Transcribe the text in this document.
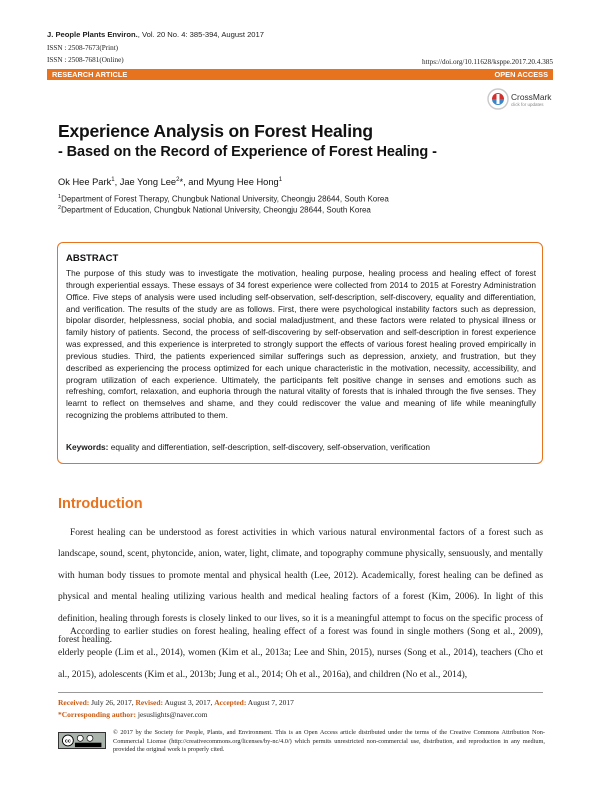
J. People Plants Environ., Vol. 20 No. 4: 385-394, August 2017
ISSN : 2508-7673(Print)
ISSN : 2508-7681(Online)	https://doi.org/10.11628/ksppe.2017.20.4.385
RESEARCH ARTICLE	OPEN ACCESS
CrossMark
click for updates
Experience Analysis on Forest Healing
- Based on the Record of Experience of Forest Healing -
Ok Hee Park$^1$, Jae Yong Lee$^2$*, and Myung Hee Hong$^1$
$^1$Department of Forest Therapy, Chungbuk National University, Cheongju 28644, South Korea
$^2$Department of Education, Chungbuk National University, Cheongju 28644, South Korea
ABSTRACT
The purpose of this study was to investigate the motivation, healing purpose, healing process and healing effect of forest through experiential essays. These essays of 34 forest experience were collected from 2014 to 2015 at Forestry Administration Office. Five steps of analysis were used including self-observation, self-description, self-discovery, equality and differentiation, and verification. The results of the study are as follows. First, there were psychological instability factors such as depression, bipolar disorder, helplessness, social phobia, and social maladjustment, and these factors were related to physical illness or family history of patients. Second, the process of self-discovering by self-observation and self-description in forest experience was expressed, and this experience is interpreted to strongly support the effects of various forest healing proved empirically in previous studies. Third, the patients experienced similar sufferings such as depression, anxiety, and frustration, but they described as experiencing the process optimized for each unique characteristic in the motivation, necessity, accessibility, and program utilization of each experience. Ultimately, the participants felt positive change in senses and emotions such as refreshing, comfort, relaxation, and euphoria through the natural vitality of forests that is inhaled through the five senses. They learnt to reflect on themselves and shame, and they could rediscover the value and meaning of life while meaningfully recognizing the problems attributed to them.
Keywords: equality and differentiation, self-description, self-discovery, self-observation, verification
Introduction
Forest healing can be understood as forest activities in which various natural environmental factors of a forest such as landscape, sound, scent, phytoncide, anion, water, light, climate, and topography commune physically, sensuously, and mentally with human body tissues to promote mental and physical health (Lee, 2012). Academically, forest healing can be defined as physical and mental healing utilizing various health and medical healing factors of a forest (Kim, 2006). In light of this definition, healing through forests is closely linked to our lives, so it is a meaningful attempt to focus on the specific process of forest healing.
According to earlier studies on forest healing, healing effect of a forest was found in single mothers (Song et al., 2009), elderly people (Lim et al., 2014), women (Kim et al., 2013a; Lee and Shin, 2015), nurses (Song et al., 2014), teachers (Cho et al., 2015), adolescents (Kim et al., 2013b; Jung et al., 2014; Oh et al., 2016a), and children (No et al., 2014),
Received: July 26, 2017, Revised: August 3, 2017, Accepted: August 7, 2017
*Corresponding author: jesuslights@naver.com
cc
© 2017 by the Society for People, Plants, and Environment. This is an Open Access article distributed under the terms of the Creative Commons Attribution Non-Commercial License (http://creativecommons.org/licenses/by-nc/4.0/) which permits unrestricted non-commercial use, distribution, and reproduction in any medium, provided the original work is properly cited.
